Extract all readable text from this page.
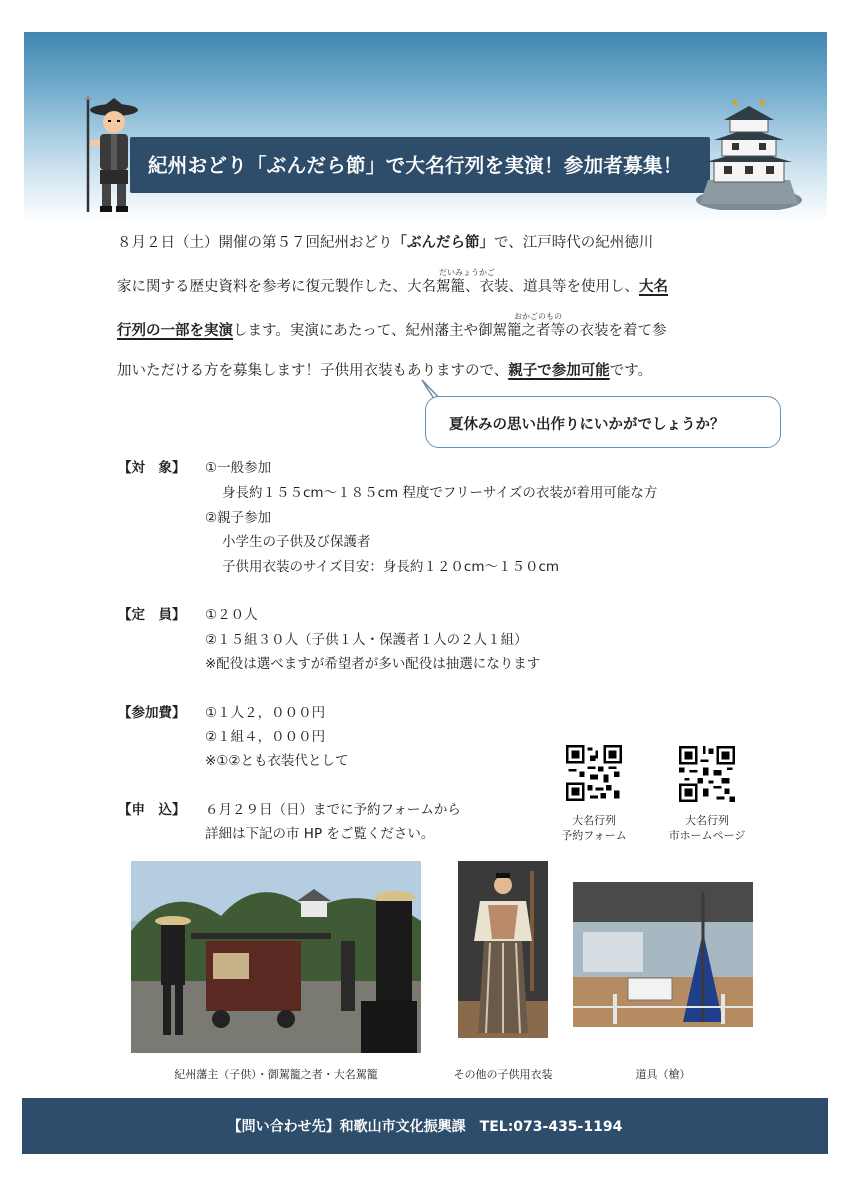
紀州おどり「ぶんだら節」で大名行列を実演！参加者募集！
８月２日（土）開催の第５７回紀州おどり「ぶんだら節」で、江戸時代の紀州徳川
だいみょうかご
家に関する歴史資料を参考に復元製作した、大名駕籠、衣装、道具等を使用し、大名
おかごのもの
行列の一部を実演します。実演にあたって、紀州藩主や御駕籠之者等の衣装を着て参
加いただける方を募集します！子供用衣装もありますので、親子で参加可能です。
夏休みの思い出作りにいかがでしょうか？
【対　象】 ①一般参加
身長約１５５cm～１８５cm 程度でフリーサイズの衣装が着用可能な方
②親子参加
小学生の子供及び保護者
子供用衣装のサイズ目安：身長約１２０cm～１５０cm
【定　員】 ①２０人
②１５組３０人（子供１人・保護者１人の２人１組）
※配役は選べますが希望者が多い配役は抽選になります
【参加費】 ①１人２，０００円
②１組４，０００円
※①②とも衣装代として
【申　込】 ６月２９日（日）までに予約フォームから
詳細は下記の市 HP をご覧ください。
大名行列
予約フォーム
大名行列
市ホームページ
紀州藩主（子供）・御駕籠之者・大名駕籠	その他の子供用衣装	道具（槍）
【問い合わせ先】和歌山市文化振興課　TEL:073-435-1194
